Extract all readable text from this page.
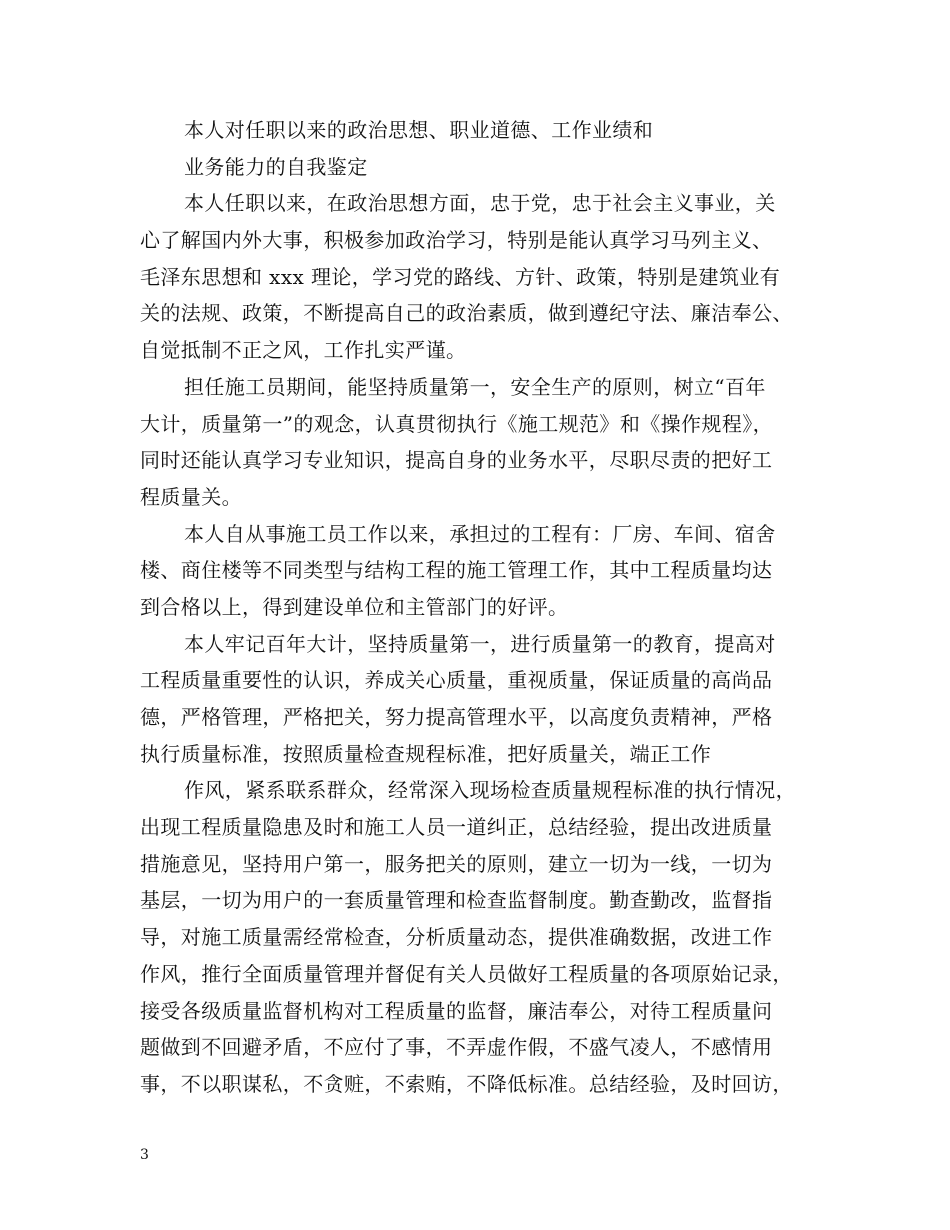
本人对任职以来的政治思想、职业道德、工作业绩和
业务能力的自我鉴定
本人任职以来，在政治思想方面，忠于党，忠于社会主义事业，关
心了解国内外大事，积极参加政治学习，特别是能认真学习马列主义、
毛泽东思想和 xxx 理论，学习党的路线、方针、政策，特别是建筑业有
关的法规、政策，不断提高自己的政治素质，做到遵纪守法、廉洁奉公、
自觉抵制不正之风，工作扎实严谨。
担任施工员期间，能坚持质量第一，安全生产的原则，树立“百年
大计，质量第一”的观念，认真贯彻执行《施工规范》和《操作规程》，
同时还能认真学习专业知识，提高自身的业务水平，尽职尽责的把好工
程质量关。
本人自从事施工员工作以来，承担过的工程有：厂房、车间、宿舍
楼、商住楼等不同类型与结构工程的施工管理工作，其中工程质量均达
到合格以上，得到建设单位和主管部门的好评。
本人牢记百年大计，坚持质量第一，进行质量第一的教育，提高对
工程质量重要性的认识，养成关心质量，重视质量，保证质量的高尚品
德，严格管理，严格把关，努力提高管理水平，以高度负责精神，严格
执行质量标准，按照质量检查规程标准，把好质量关，端正工作
作风，紧系联系群众，经常深入现场检查质量规程标准的执行情况，
出现工程质量隐患及时和施工人员一道纠正，总结经验，提出改进质量
措施意见，坚持用户第一，服务把关的原则，建立一切为一线，一切为
基层，一切为用户的一套质量管理和检查监督制度。勤查勤改，监督指
导，对施工质量需经常检查，分析质量动态，提供准确数据，改进工作
作风，推行全面质量管理并督促有关人员做好工程质量的各项原始记录，
接受各级质量监督机构对工程质量的监督，廉洁奉公，对待工程质量问
题做到不回避矛盾，不应付了事，不弄虚作假，不盛气凌人，不感情用
事，不以职谋私，不贪赃，不索贿，不降低标准。总结经验，及时回访，
3
